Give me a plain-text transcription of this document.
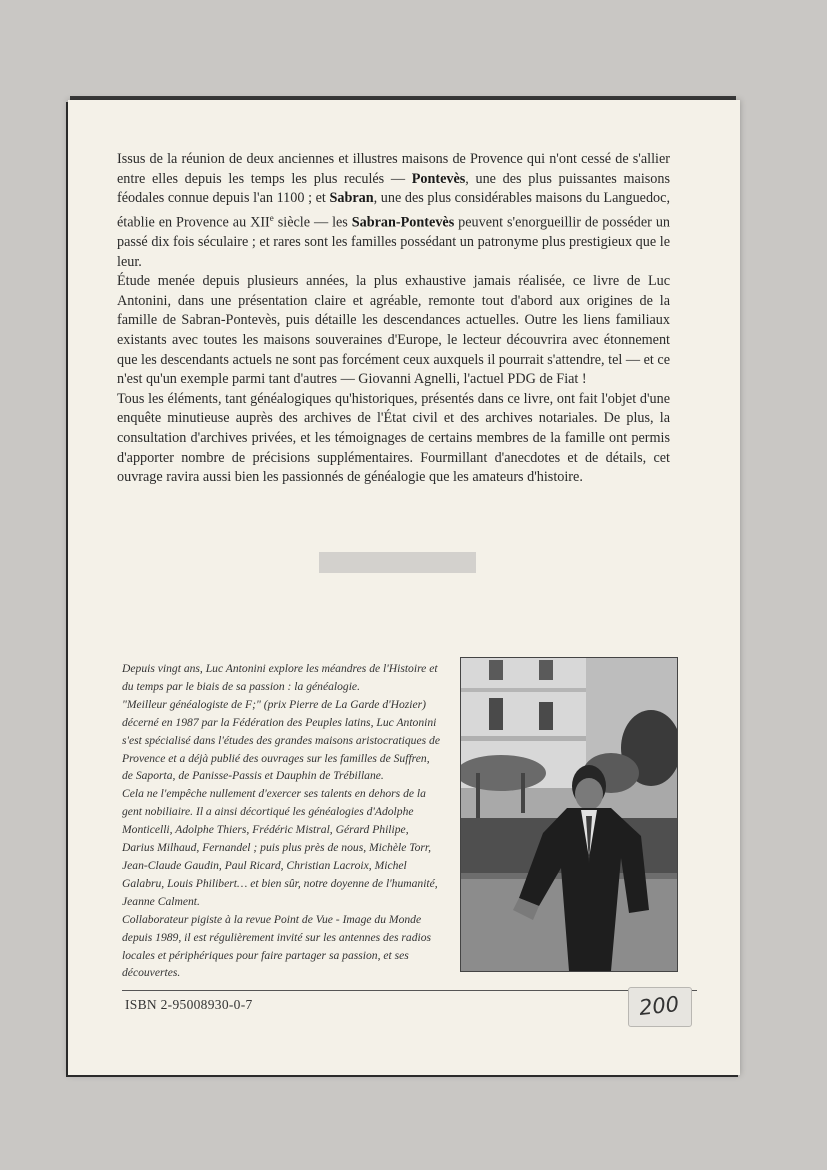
Issus de la réunion de deux anciennes et illustres maisons de Provence qui n'ont cessé de s'allier entre elles depuis les temps les plus reculés — Pontevès, une des plus puissantes maisons féodales connue depuis l'an 1100 ; et Sabran, une des plus considérables maisons du Languedoc, établie en Provence au XIIe siècle — les Sabran-Pontevès peuvent s'enorgueillir de posséder un passé dix fois séculaire ; et rares sont les familles possédant un patronyme plus prestigieux que le leur.

Étude menée depuis plusieurs années, la plus exhaustive jamais réalisée, ce livre de Luc Antonini, dans une présentation claire et agréable, remonte tout d'abord aux origines de la famille de Sabran-Pontevès, puis détaille les descendances actuelles. Outre les liens familiaux existants avec toutes les maisons souveraines d'Europe, le lecteur découvrira avec étonnement que les descendants actuels ne sont pas forcément ceux auxquels il pourrait s'attendre, tel — et ce n'est qu'un exemple parmi tant d'autres — Giovanni Agnelli, l'actuel PDG de Fiat !

Tous les éléments, tant généalogiques qu'historiques, présentés dans ce livre, ont fait l'objet d'une enquête minutieuse auprès des archives de l'État civil et des archives notariales. De plus, la consultation d'archives privées, et les témoignages de certains membres de la famille ont permis d'apporter nombre de précisions supplémentaires. Fourmillant d'anecdotes et de détails, cet ouvrage ravira aussi bien les passionnés de généalogie que les amateurs d'histoire.

Depuis vingt ans, Luc Antonini explore les méandres de l'Histoire et du temps par le biais de sa passion : la généalogie.

"Meilleur généalogiste de F;" (prix Pierre de La Garde d'Hozier) décerné en 1987 par la Fédération des Peuples latins, Luc Antonini s'est spécialisé dans l'études des grandes maisons aristocratiques de Provence et a déjà publié des ouvrages sur les familles de Suffren, de Saporta, de Panisse-Passis et Dauphin de Trébillane.

Cela ne l'empêche nullement d'exercer ses talents en dehors de la gent nobiliaire. Il a ainsi décortiqué les généalogies d'Adolphe Monticelli, Adolphe Thiers, Frédéric Mistral, Gérard Philipe, Darius Milhaud, Fernandel ; puis plus près de nous, Michèle Torr, Jean-Claude Gaudin, Paul Ricard, Christian Lacroix, Michel Galabru, Louis Philibert… et bien sûr, notre doyenne de l'humanité, Jeanne Calment.

Collaborateur pigiste à la revue Point de Vue - Image du Monde depuis 1989, il est régulièrement invité sur les antennes des radios locales et périphériques pour faire partager sa passion, et ses découvertes.

ISBN 2-95008930-0-7	200
